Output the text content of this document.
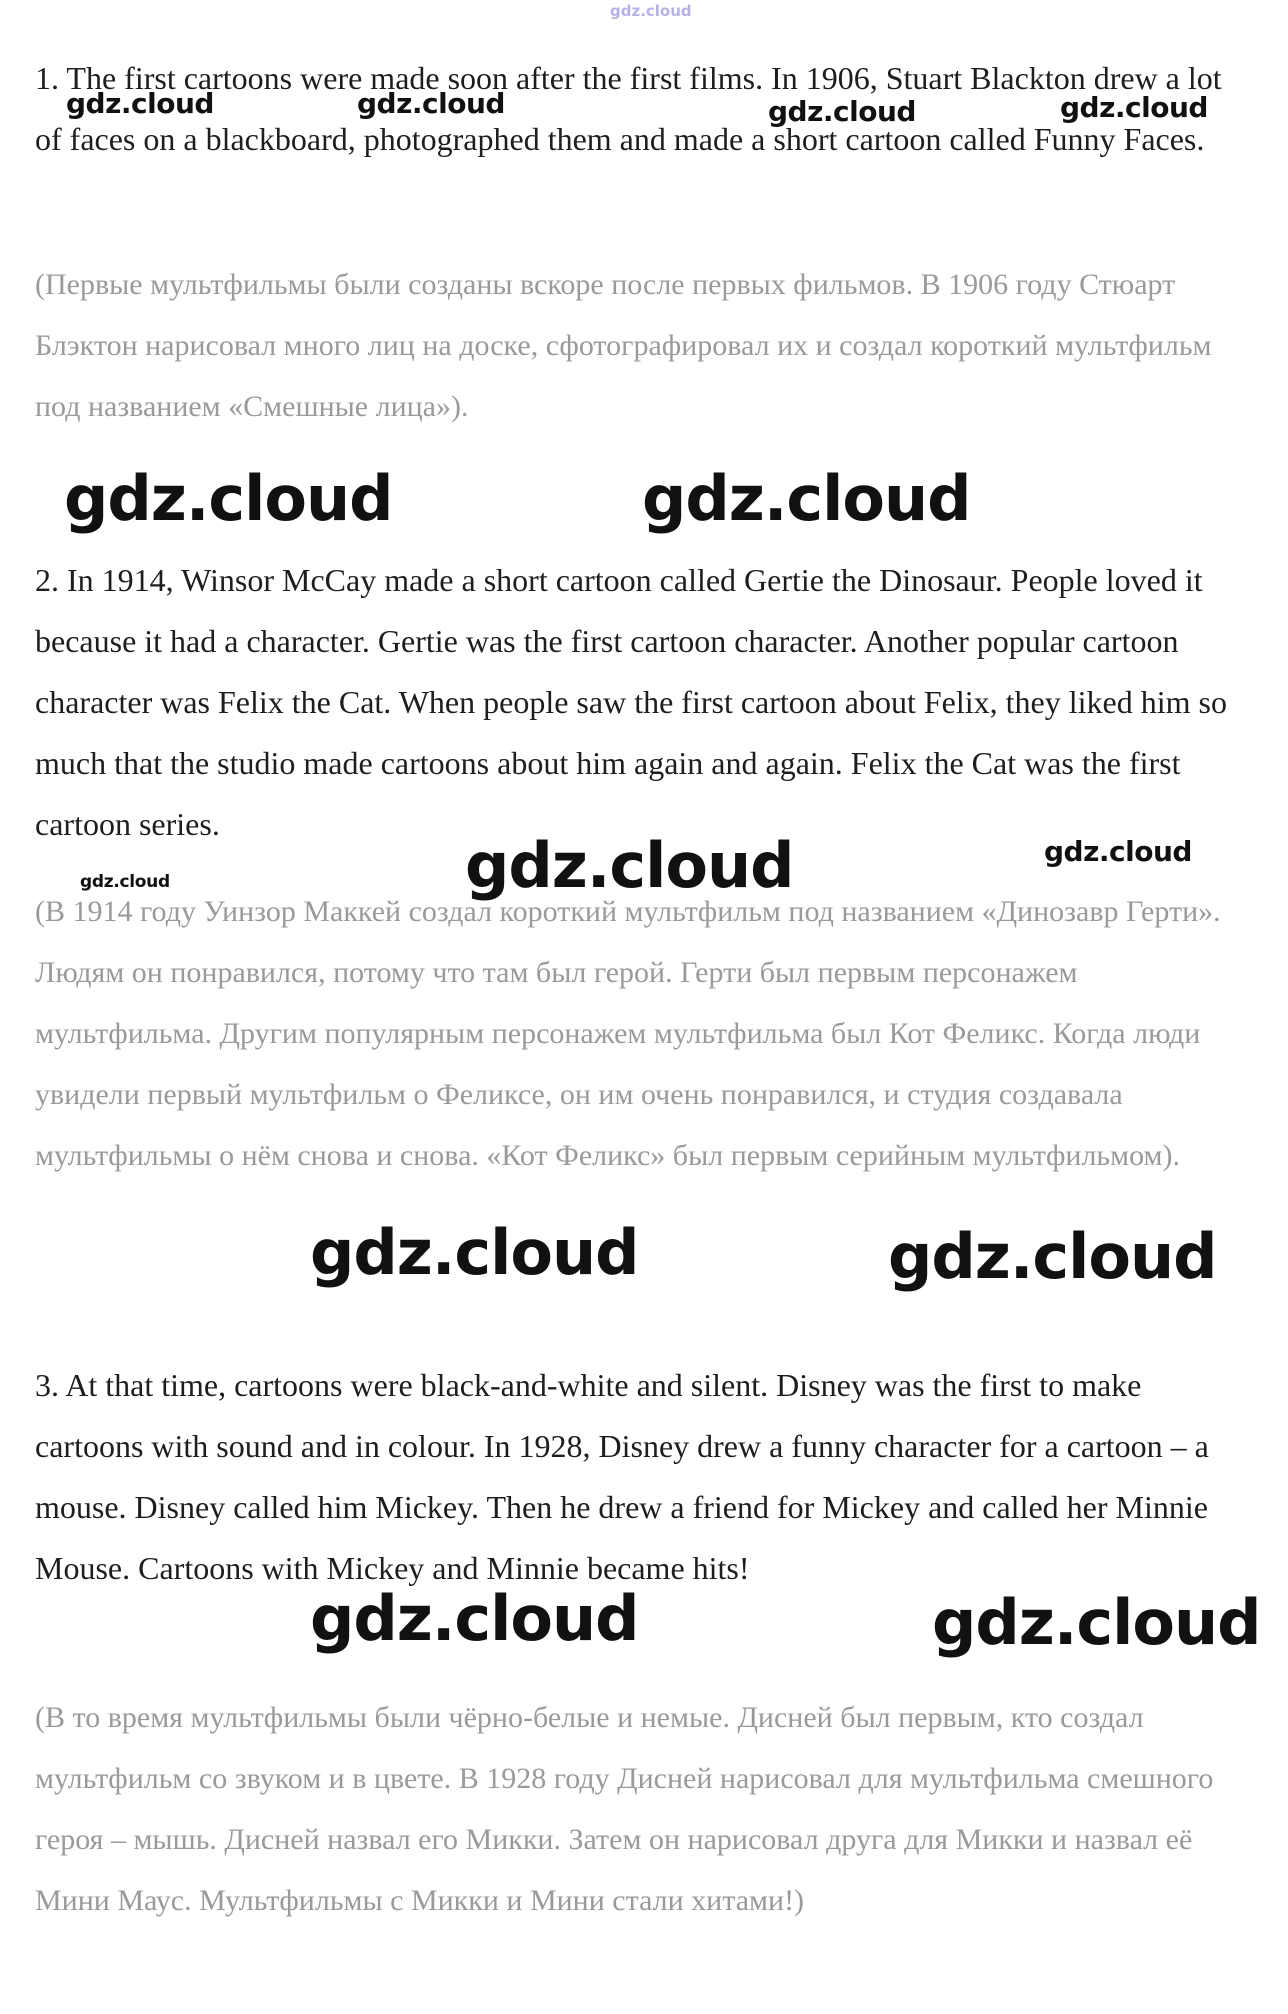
gdz.cloud

1. The first cartoons were made soon after the first films. In 1906, Stuart Blackton drew a lot of faces on a blackboard, photographed them and made a short cartoon called Funny Faces.

(Первые мультфильмы были созданы вскоре после первых фильмов. В 1906 году Стюарт Блэктон нарисовал много лиц на доске, сфотографировал их и создал короткий мультфильм под названием «Смешные лица»).

2. In 1914, Winsor McCay made a short cartoon called Gertie the Dinosaur. People loved it because it had a character. Gertie was the first cartoon character. Another popular cartoon character was Felix the Cat. When people saw the first cartoon about Felix, they liked him so much that the studio made cartoons about him again and again. Felix the Cat was the first cartoon series.

(В 1914 году Уинзор Маккей создал короткий мультфильм под названием «Динозавр Герти». Людям он понравился, потому что там был герой. Герти был первым персонажем мультфильма. Другим популярным персонажем мультфильма был Кот Феликс. Когда люди увидели первый мультфильм о Феликсе, он им очень понравился, и студия создавала мультфильмы о нём снова и снова. «Кот Феликс» был первым серийным мультфильмом).

3. At that time, cartoons were black-and-white and silent. Disney was the first to make cartoons with sound and in colour. In 1928, Disney drew a funny character for a cartoon – a mouse. Disney called him Mickey. Then he drew a friend for Mickey and called her Minnie Mouse. Cartoons with Mickey and Minnie became hits!

(В то время мультфильмы были чёрно-белые и немые. Дисней был первым, кто создал мультфильм со звуком и в цвете. В 1928 году Дисней нарисовал для мультфильма смешного героя – мышь. Дисней назвал его Микки. Затем он нарисовал друга для Микки и назвал её Мини Маус. Мультфильмы с Микки и Мини стали хитами!)

gdz.cloud	gdz.cloud	gdz.cloud	gdz.cloud
gdz.cloud	gdz.cloud
gdz.cloud	gdz.cloud
gdz.cloud
gdz.cloud	gdz.cloud
gdz.cloud	gdz.cloud
